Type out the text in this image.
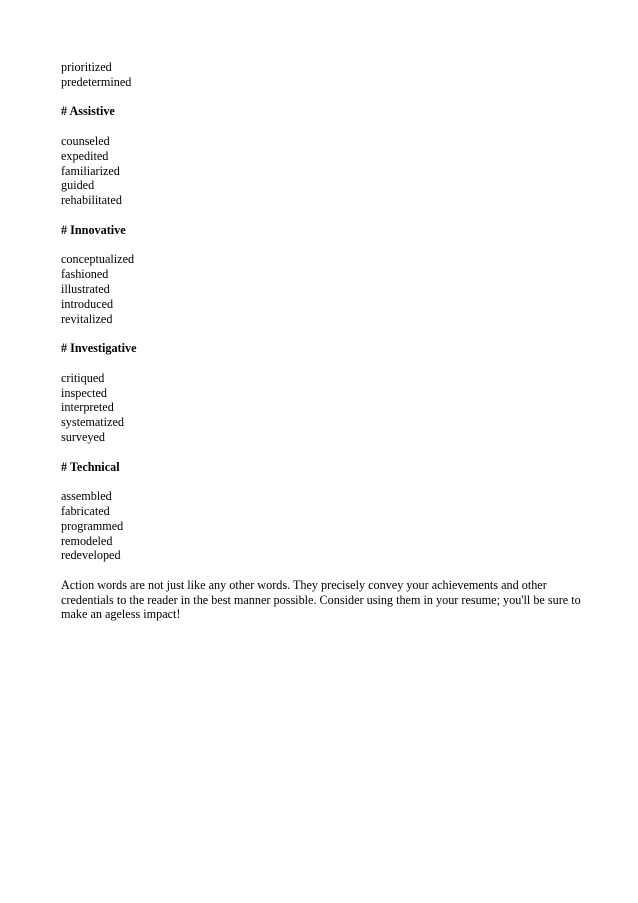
prioritized
predetermined
# Assistive
counseled
expedited
familiarized
guided
rehabilitated
# Innovative
conceptualized
fashioned
illustrated
introduced
revitalized
# Investigative
critiqued
inspected
interpreted
systematized
surveyed
# Technical
assembled
fabricated
programmed
remodeled
redeveloped

Action words are not just like any other words. They precisely convey your achievements and other credentials to the reader in the best manner possible. Consider using them in your resume; you'll be sure to make an ageless impact!
